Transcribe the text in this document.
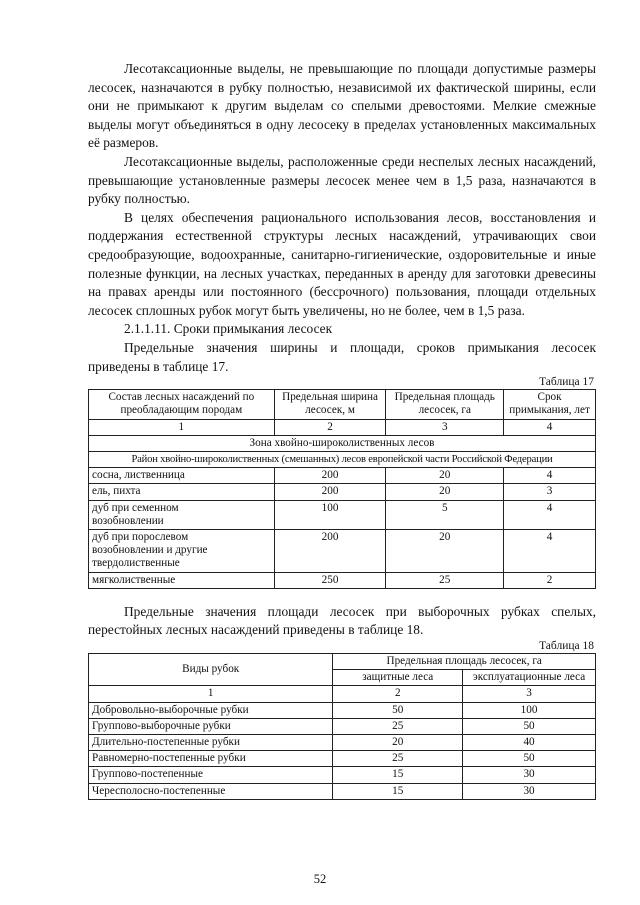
Лесотаксационные выделы, не превышающие по площади допустимые размеры лесосек, назначаются в рубку полностью, независимой их фактической ширины, если они не примыкают к другим выделам со спелыми древостоями. Мелкие смежные выделы могут объединяться в одну лесосеку в пределах установленных максимальных её размеров.

Лесотаксационные выделы, расположенные среди неспелых лесных насаждений, превышающие установленные размеры лесосек менее чем в 1,5 раза, назначаются в рубку полностью.

В целях обеспечения рационального использования лесов, восстановления и поддержания естественной структуры лесных насаждений, утрачивающих свои средообразующие, водоохранные, санитарно-гигиенические, оздоровительные и иные полезные функции, на лесных участках, переданных в аренду для заготовки древесины на правах аренды или постоянного (бессрочного) пользования, площади отдельных лесосек сплошных рубок могут быть увеличены, но не более, чем в 1,5 раза.

2.1.1.11. Сроки примыкания лесосек

Предельные значения ширины и площади, сроков примыкания лесосек приведены в таблице 17.

Таблица 17
Состав лесных насаждений по преобладающим породам	Предельная ширина лесосек, м	Предельная площадь лесосек, га	Срок примыкания, лет
1	2	3	4
Зона хвойно-широколиственных лесов			
Район хвойно-широколиственных (смешанных) лесов европейской части Российской Федерации			
сосна, лиственница	200	20	4
ель, пихта	200	20	3
дуб при семенном возобновлении	100	5	4
дуб при порослевом возобновлении и другие твердолиственные	200	20	4
мягколиственные	250	25	2

Предельные значения площади лесосек при выборочных рубках спелых, перестойных лесных насаждений приведены в таблице 18.

Таблица 18
Виды рубок	Предельная площадь лесосек, га	
	защитные леса	эксплуатационные леса
1	2	3
Добровольно-выборочные рубки	50	100
Группово-выборочные рубки	25	50
Длительно-постепенные рубки	20	40
Равномерно-постепенные рубки	25	50
Группово-постепенные	15	30
Чересполосно-постепенные	15	30
52
